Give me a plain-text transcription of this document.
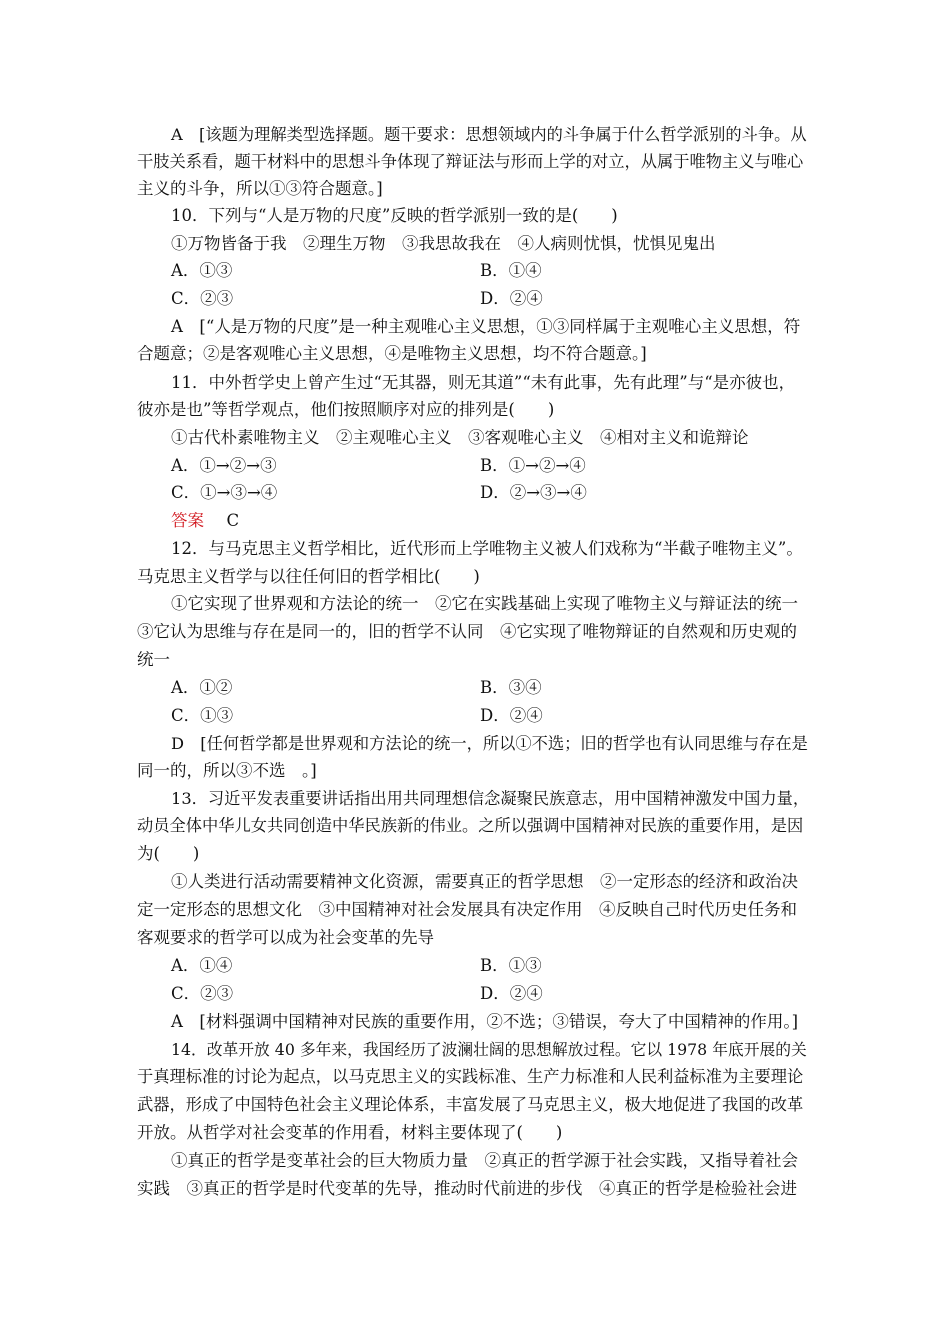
A　[该题为理解类型选择题。题干要求：思想领域内的斗争属于什么哲学派别的斗争。从
干肢关系看，题干材料中的思想斗争体现了辩证法与形而上学的对立，从属于唯物主义与唯心
主义的斗争，所以①③符合题意。]
10．下列与“人是万物的尺度”反映的哲学派别一致的是(　　)
①万物皆备于我　②理生万物　③我思故我在　④人病则忧惧，忧惧见鬼出
A．①③	B．①④
C．②③	D．②④
A　[“人是万物的尺度”是一种主观唯心主义思想，①③同样属于主观唯心主义思想，符
合题意；②是客观唯心主义思想，④是唯物主义思想，均不符合题意。]
11．中外哲学史上曾产生过“无其器，则无其道”“未有此事，先有此理”与“是亦彼也，
彼亦是也”等哲学观点，他们按照顺序对应的排列是(　　)
①古代朴素唯物主义　②主观唯心主义　③客观唯心主义　④相对主义和诡辩论
A．①→②→③	B．①→②→④
C．①→③→④	D．②→③→④
答案 C
12．与马克思主义哲学相比，近代形而上学唯物主义被人们戏称为“半截子唯物主义”。
马克思主义哲学与以往任何旧的哲学相比(　　)
①它实现了世界观和方法论的统一　②它在实践基础上实现了唯物主义与辩证法的统一
③它认为思维与存在是同一的，旧的哲学不认同　④它实现了唯物辩证的自然观和历史观的
统一
A．①②	B．③④
C．①③	D．②④
D　[任何哲学都是世界观和方法论的统一，所以①不选；旧的哲学也有认同思维与存在是
同一的，所以③不选　。]
13．习近平发表重要讲话指出用共同理想信念凝聚民族意志，用中国精神激发中国力量，
动员全体中华儿女共同创造中华民族新的伟业。之所以强调中国精神对民族的重要作用，是因
为(　　)
①人类进行活动需要精神文化资源，需要真正的哲学思想　②一定形态的经济和政治决
定一定形态的思想文化　③中国精神对社会发展具有决定作用　④反映自己时代历史任务和
客观要求的哲学可以成为社会变革的先导
A．①④	B．①③
C．②③	D．②④
A　[材料强调中国精神对民族的重要作用，②不选；③错误，夸大了中国精神的作用。]
14．改革开放 40 多年来，我国经历了波澜壮阔的思想解放过程。它以 1978 年底开展的关
于真理标准的讨论为起点，以马克思主义的实践标准、生产力标准和人民利益标准为主要理论
武器，形成了中国特色社会主义理论体系，丰富发展了马克思主义，极大地促进了我国的改革
开放。从哲学对社会变革的作用看，材料主要体现了(　　)
①真正的哲学是变革社会的巨大物质力量　②真正的哲学源于社会实践，又指导着社会
实践　③真正的哲学是时代变革的先导，推动时代前进的步伐　④真正的哲学是检验社会进
